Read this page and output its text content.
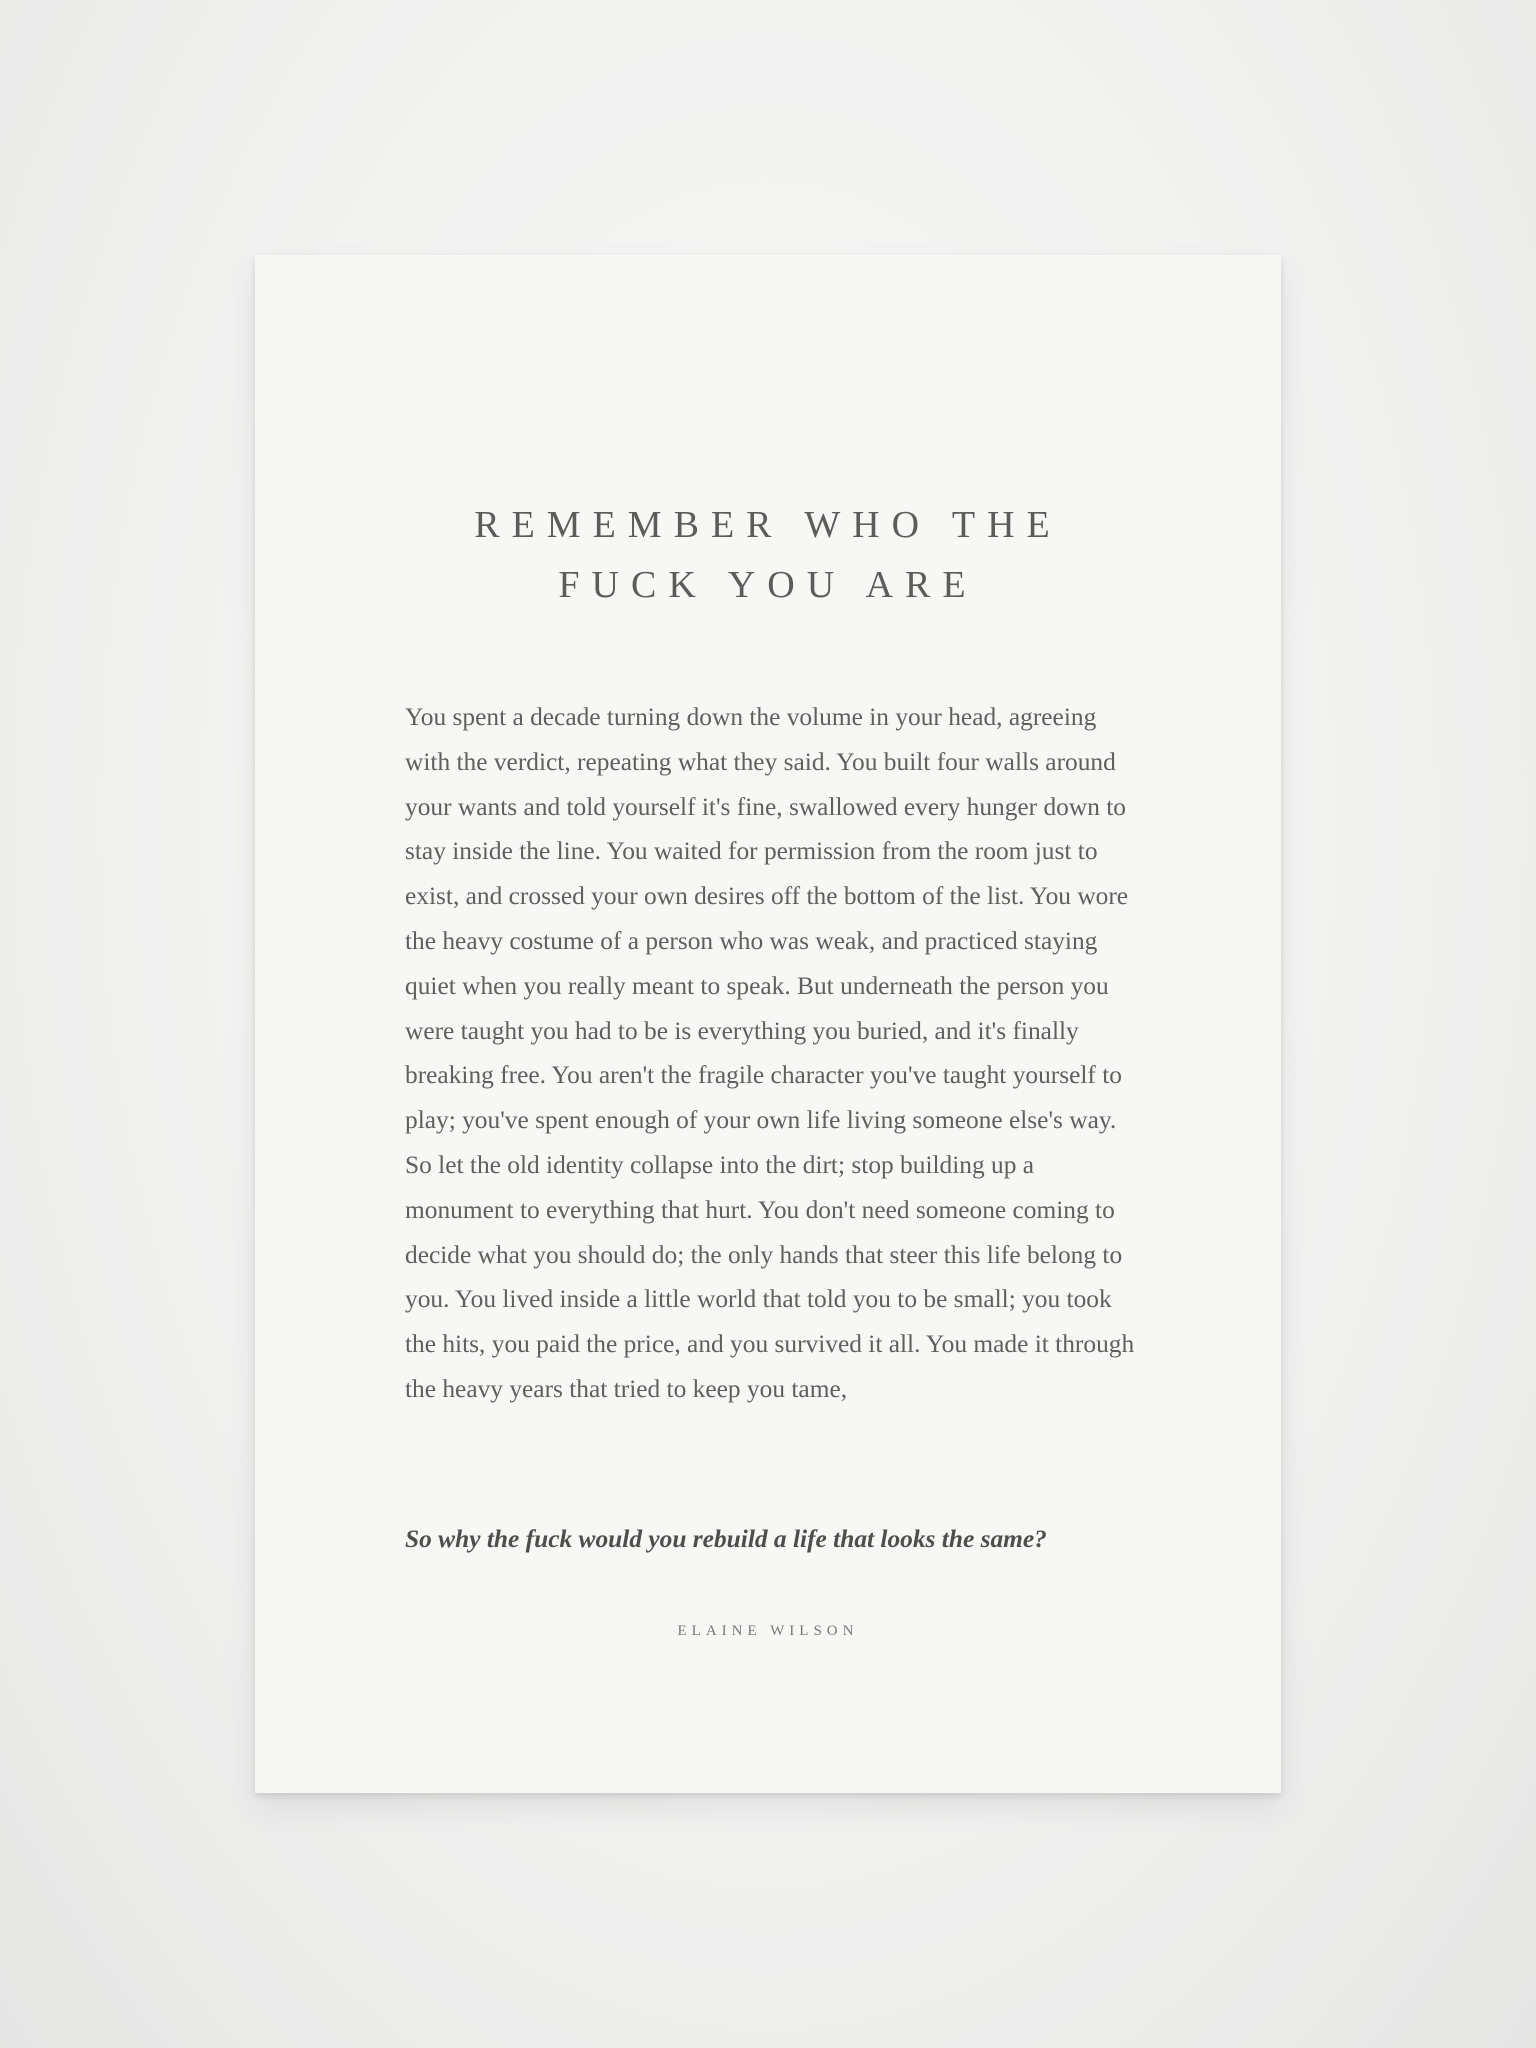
REMEMBER WHO THE
FUCK YOU ARE

You spent a decade turning down the volume in your head, agreeing with the verdict, repeating what they said. You built four walls around your wants and told yourself it's fine, swallowed every hunger down to stay inside the line. You waited for permission from the room just to exist, and crossed your own desires off the bottom of the list. You wore the heavy costume of a person who was weak, and practiced staying quiet when you really meant to speak. But underneath the person you were taught you had to be is everything you buried, and it's finally breaking free. You aren't the fragile character you've taught yourself to play; you've spent enough of your own life living someone else's way. So let the old identity collapse into the dirt; stop building up a monument to everything that hurt. You don't need someone coming to decide what you should do; the only hands that steer this life belong to you. You lived inside a little world that told you to be small; you took the hits, you paid the price, and you survived it all. You made it through the heavy years that tried to keep you tame,

So why the fuck would you rebuild a life that looks the same?

ELAINE WILSON
